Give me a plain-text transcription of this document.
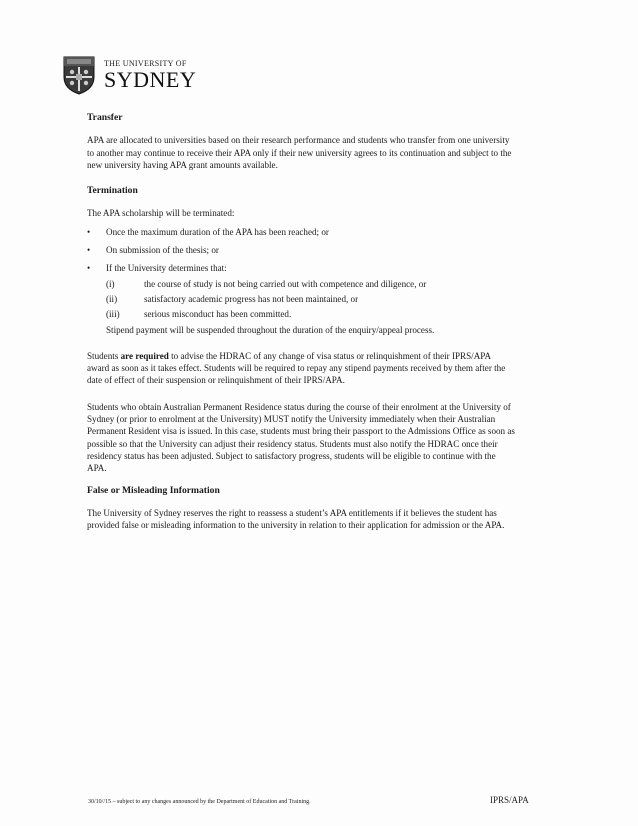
THE UNIVERSITY OF
SYDNEY

Transfer

APA are allocated to universities based on their research performance and students who transfer from one university to another may continue to receive their APA only if their new university agrees to its continuation and subject to the new university having APA grant amounts available.

Termination

The APA scholarship will be terminated:

• Once the maximum duration of the APA has been reached; or
• On submission of the thesis; or
• If the University determines that:
(i)	the course of study is not being carried out with competence and diligence, or
(ii)	satisfactory academic progress has not been maintained, or
(iii)	serious misconduct has been committed.

Stipend payment will be suspended throughout the duration of the enquiry/appeal process.

Students are required to advise the HDRAC of any change of visa status or relinquishment of their IPRS/APA award as soon as it takes effect. Students will be required to repay any stipend payments received by them after the date of effect of their suspension or relinquishment of their IPRS/APA.

Students who obtain Australian Permanent Residence status during the course of their enrolment at the University of Sydney (or prior to enrolment at the University) MUST notify the University immediately when their Australian Permanent Resident visa is issued. In this case, students must bring their passport to the Admissions Office as soon as possible so that the University can adjust their residency status. Students must also notify the HDRAC once their residency status has been adjusted. Subject to satisfactory progress, students will be eligible to continue with the APA.

False or Misleading Information

The University of Sydney reserves the right to reassess a student’s APA entitlements if it believes the student has provided false or misleading information to the university in relation to their application for admission or the APA.

30/10//15 – subject to any changes announced by the Department of Education and Training.	IPRS/APA
